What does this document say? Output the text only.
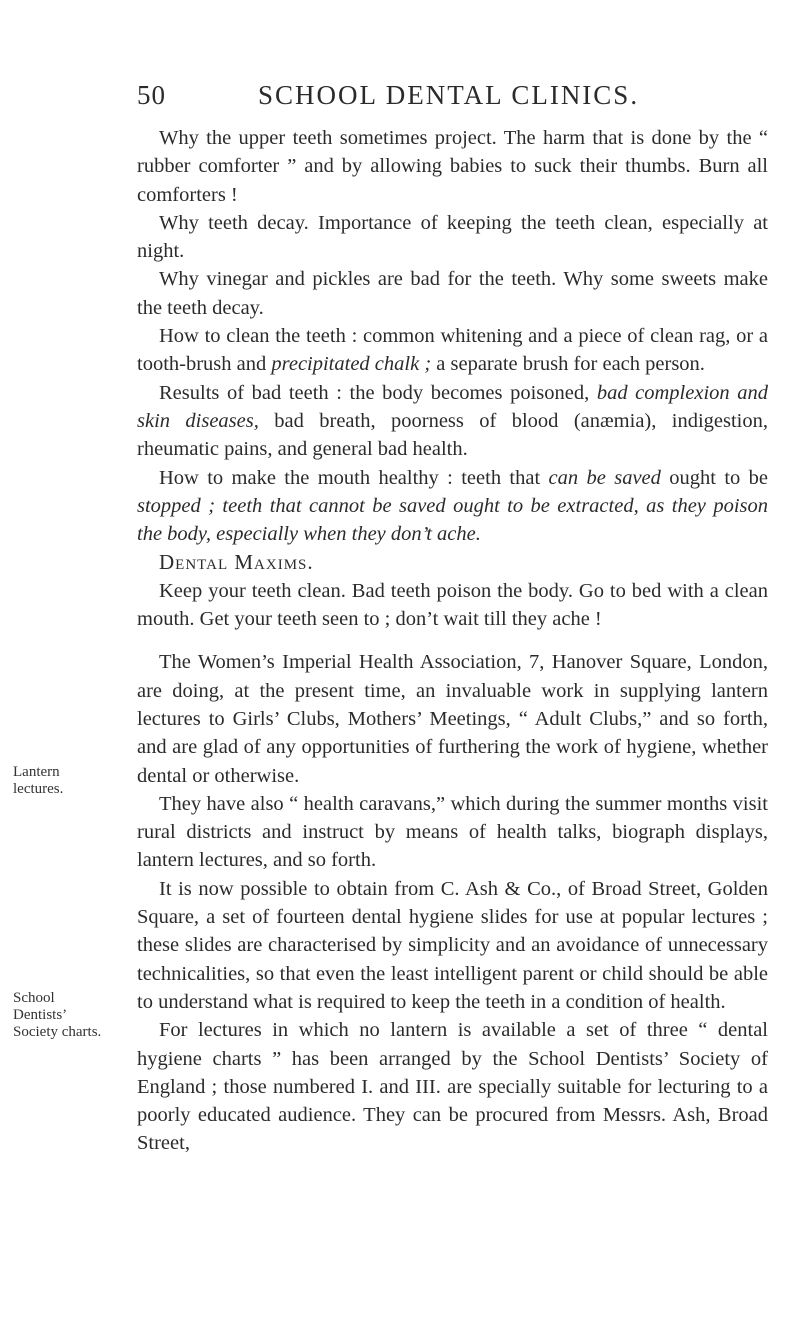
50	SCHOOL DENTAL CLINICS.
Lantern lectures.
School Dentists’ Society charts.

Why the upper teeth sometimes project. The harm that is done by the “ rubber comforter ” and by allowing babies to suck their thumbs. Burn all comforters !

Why teeth decay. Importance of keeping the teeth clean, especially at night.

Why vinegar and pickles are bad for the teeth. Why some sweets make the teeth decay.

How to clean the teeth : common whitening and a piece of clean rag, or a tooth-brush and precipitated chalk ; a separate brush for each person.

Results of bad teeth : the body becomes poisoned, bad complexion and skin diseases, bad breath, poorness of blood (anæmia), indigestion, rheumatic pains, and general bad health.

How to make the mouth healthy : teeth that can be saved ought to be stopped ; teeth that cannot be saved ought to be extracted, as they poison the body, especially when they don’t ache.

Dental Maxims.

Keep your teeth clean. Bad teeth poison the body. Go to bed with a clean mouth. Get your teeth seen to ; don’t wait till they ache !

The Women’s Imperial Health Association, 7, Hanover Square, London, are doing, at the present time, an invaluable work in supplying lantern lectures to Girls’ Clubs, Mothers’ Meetings, “ Adult Clubs,” and so forth, and are glad of any opportunities of furthering the work of hygiene, whether dental or otherwise.

They have also “ health caravans,” which during the summer months visit rural districts and instruct by means of health talks, biograph displays, lantern lectures, and so forth.

It is now possible to obtain from C. Ash & Co., of Broad Street, Golden Square, a set of fourteen dental hygiene slides for use at popular lectures ; these slides are characterised by simplicity and an avoidance of unnecessary technicalities, so that even the least intelligent parent or child should be able to understand what is required to keep the teeth in a condition of health.

For lectures in which no lantern is available a set of three “ dental hygiene charts ” has been arranged by the School Dentists’ Society of England ; those numbered I. and III. are specially suitable for lecturing to a poorly educated audience. They can be procured from Messrs. Ash, Broad Street,
